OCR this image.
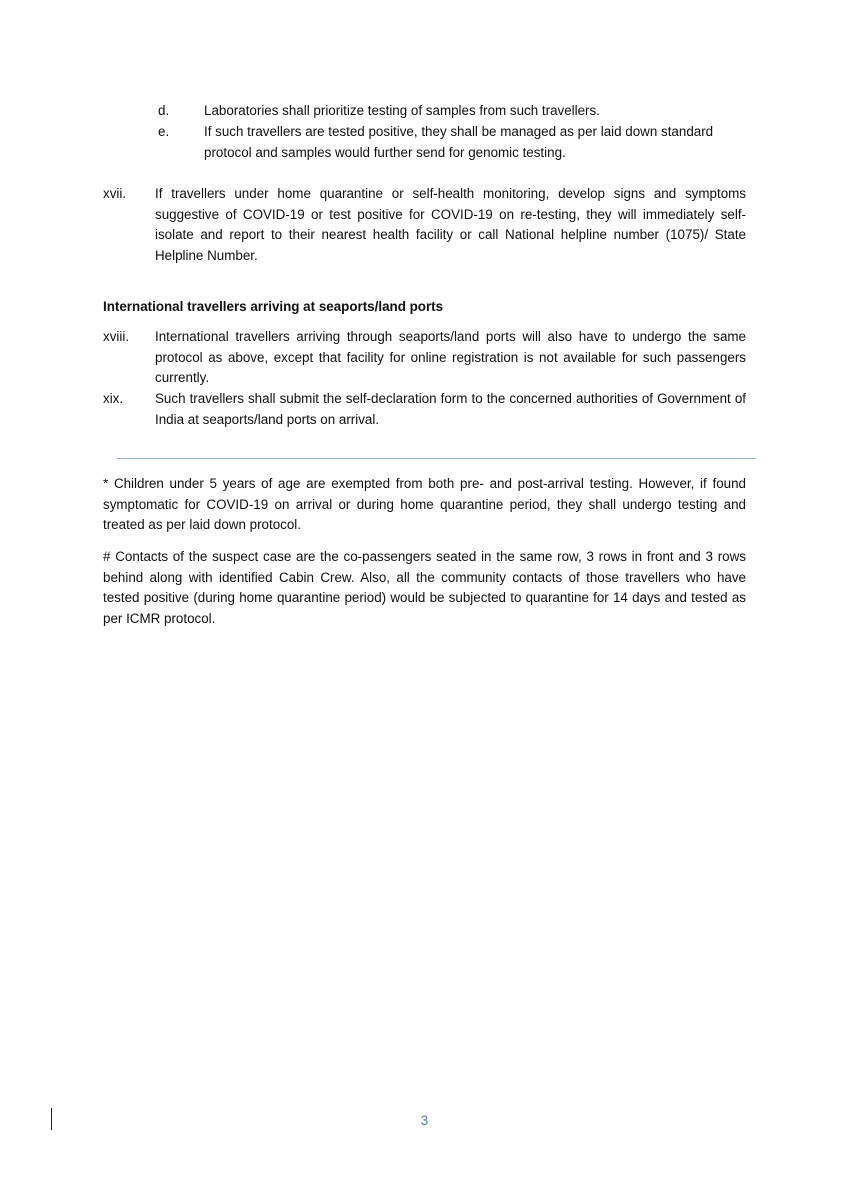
d.	Laboratories shall prioritize testing of samples from such travellers.
e.	If such travellers are tested positive, they shall be managed as per laid down standard protocol and samples would further send for genomic testing.
xvii.	If travellers under home quarantine or self-health monitoring, develop signs and symptoms suggestive of COVID-19 or test positive for COVID-19 on re-testing, they will immediately self-isolate and report to their nearest health facility or call National helpline number (1075)/ State Helpline Number.
International travellers arriving at seaports/land ports
xviii.	International travellers arriving through seaports/land ports will also have to undergo the same protocol as above, except that facility for online registration is not available for such passengers currently.
xix.	Such travellers shall submit the self-declaration form to the concerned authorities of Government of India at seaports/land ports on arrival.
* Children under 5 years of age are exempted from both pre- and post-arrival testing. However, if found symptomatic for COVID-19 on arrival or during home quarantine period, they shall undergo testing and treated as per laid down protocol.
# Contacts of the suspect case are the co-passengers seated in the same row, 3 rows in front and 3 rows behind along with identified Cabin Crew. Also, all the community contacts of those travellers who have tested positive (during home quarantine period) would be subjected to quarantine for 14 days and tested as per ICMR protocol.
3
